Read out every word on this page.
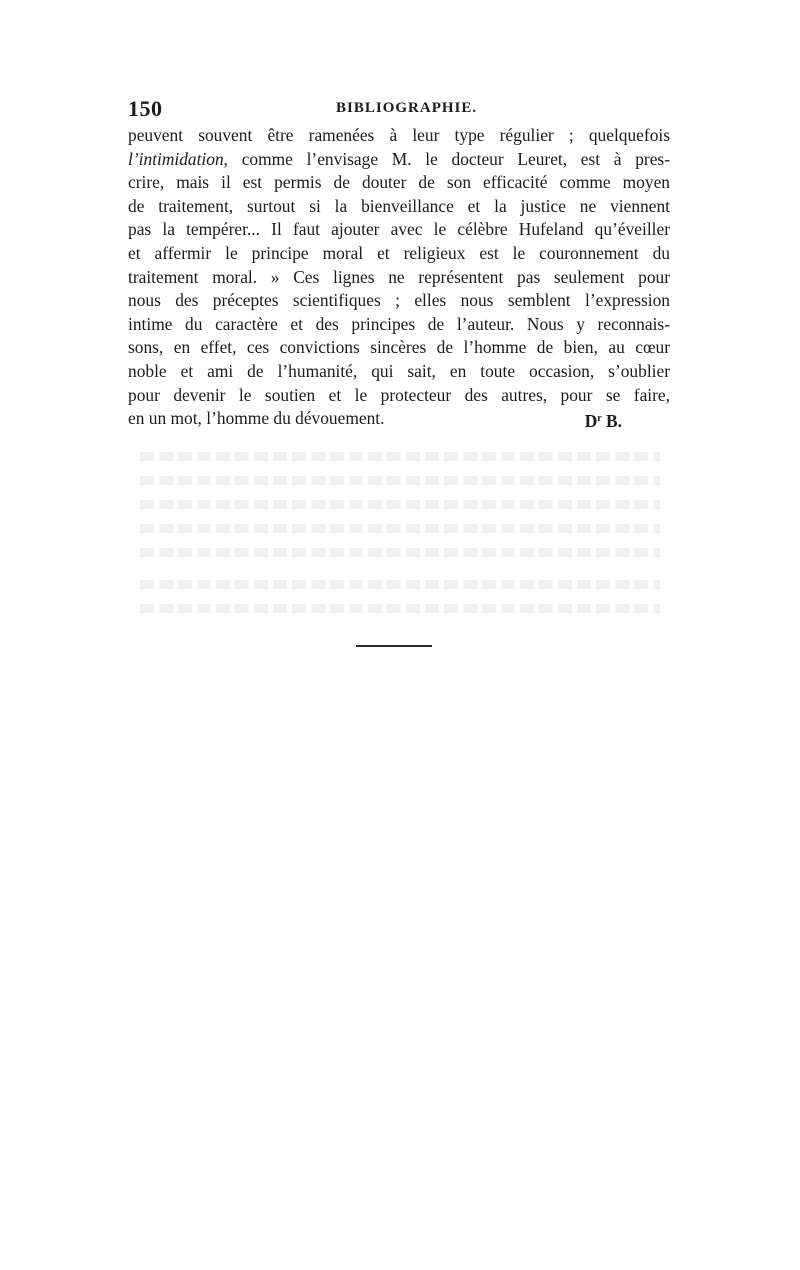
150	BIBLIOGRAPHIE.
peuvent souvent être ramenées à leur type régulier ; quelquefois
l’intimidation, comme l’envisage M. le docteur Leuret, est à pres-
crire, mais il est permis de douter de son efficacité comme moyen
de traitement, surtout si la bienveillance et la justice ne viennent
pas la tempérer... Il faut ajouter avec le célèbre Hufeland qu’éveiller
et affermir le principe moral et religieux est le couronnement du
traitement moral. » Ces lignes ne représentent pas seulement pour
nous des préceptes scientifiques ; elles nous semblent l’expression
intime du caractère et des principes de l’auteur. Nous y reconnais-
sons, en effet, ces convictions sincères de l’homme de bien, au cœur
noble et ami de l’humanité, qui sait, en toute occasion, s’oublier
pour devenir le soutien et le protecteur des autres, pour se faire,
en un mot, l’homme du dévouement.	$D^r$ B.
